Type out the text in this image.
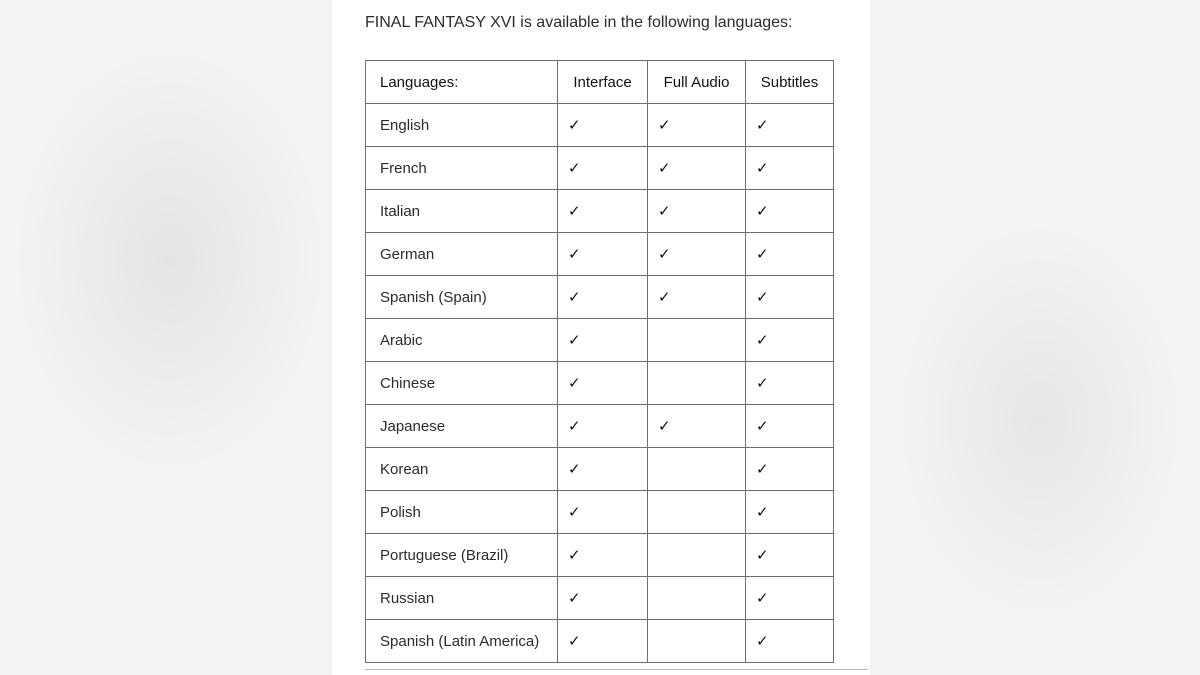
FINAL FANTASY XVI is available in the following languages:

Languages:	Interface	Full Audio	Subtitles
English	✓	✓	✓
French	✓	✓	✓
Italian	✓	✓	✓
German	✓	✓	✓
Spanish (Spain)	✓	✓	✓
Arabic	✓		✓
Chinese	✓		✓
Japanese	✓	✓	✓
Korean	✓		✓
Polish	✓		✓
Portuguese (Brazil)	✓		✓
Russian	✓		✓
Spanish (Latin America)	✓		✓
